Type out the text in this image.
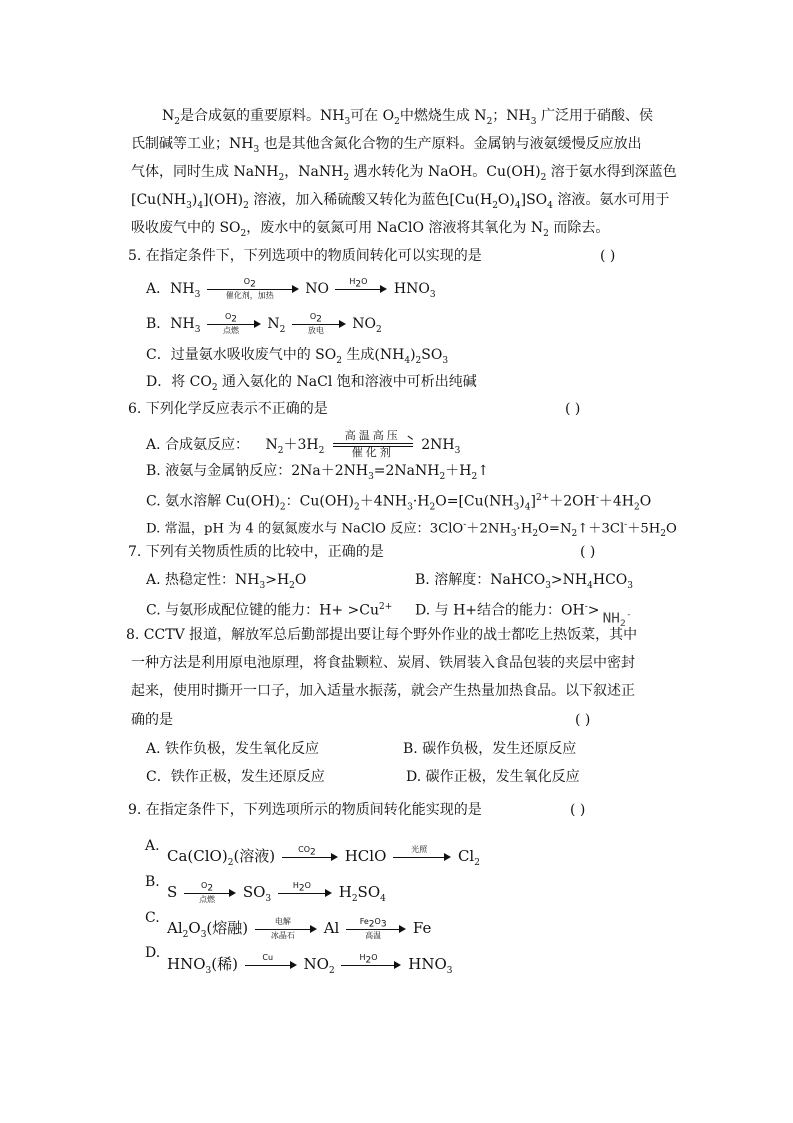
$N_2$是合成氨的重要原料。$NH_3$可在 $O_2$中燃烧生成 $N_2$；$NH_3$ 广泛用于硝酸、侯
氏制碱等工业；$NH_3$ 也是其他含氮化合物的生产原料。金属钠与液氨缓慢反应放出
气体，同时生成 NaNH$_2$，NaNH$_2$ 遇水转化为 NaOH。$Cu(OH)_2$ 溶于氨水得到深蓝色
$[Cu(NH_3)_4](OH)_2$ 溶液，加入稀硫酸又转化为蓝色$[Cu(H_2O)_4]SO_4$ 溶液。氨水可用于
吸收废气中的 $SO_2$，废水中的氨氮可用 NaClO 溶液将其氧化为 $N_2$ 而除去。
5. 在指定条件下，下列选项中的物质间转化可以实现的是	( )
A．$NH_3$
$O_2$
催化剂，加热	NO	$H_2O$	$HNO_3$
B．$NH_3$
$O_2$
点燃	$N_2$
$O_2$
放电	$NO_2$
C．过量氨水吸收废气中的 $SO_2$ 生成$(NH_4)_2SO_3$
D．将 $CO_2$ 通入氨化的 NaCl 饱和溶液中可析出纯碱
6. 下列化学反应表示不正确的是	( )
A. 合成氨反应： $N_2+3H_2$
高温高压
催化剂	$2NH_3$
B. 液氨与金属钠反应：$2Na+2NH_3=2NaNH_2+H_2↑$
C. 氨水溶解 $Cu(OH)_2$：$Cu(OH)_2+4NH_3\cdot H_2O=[Cu(NH_3)_4]^{2+}+2OH^-+4H_2O$
D. 常温，pH 为 4 的氨氮废水与 NaClO 反应：$3ClO^-+2NH_3\cdot H_2O=N_2↑+3Cl^-+5H_2O$
7. 下列有关物质性质的比较中，正确的是	( )
A. 热稳定性：$NH_3>H_2O$	B. 溶解度：$NaHCO_3>NH_4HCO_3$
C. 与氨形成配位键的能力：$H+ >Cu^{2+}$ D. 与 H+结合的能力：$OH^-> NH_2^-$
8. CCTV 报道，解放军总后勤部提出要让每个野外作业的战士都吃上热饭菜，其中
一种方法是利用原电池原理，将食盐颗粒、炭屑、铁屑装入食品包装的夹层中密封
起来，使用时撕开一口子，加入适量水振荡，就会产生热量加热食品。以下叙述正
确的是	( )
A. 铁作负极，发生氧化反应	B. 碳作负极，发生还原反应
C．铁作正极，发生还原反应	D. 碳作正极，发生氧化反应
9. 在指定条件下，下列选项所示的物质间转化能实现的是	( )
A.
$Ca(ClO)_2$(溶液)	$CO_2$	HClO	光照	$Cl_2$
B.
S	$O_2$
点燃	$SO_3$
$H_2O$	$H_2SO_4$
C.
$Al_2O_3$(熔融)	电解
冰晶石	Al	$Fe_2O_3$
高温	Fe
D.
$HNO_3$(稀)	Cu	$NO_2$
$H_2O$	$HNO_3$
